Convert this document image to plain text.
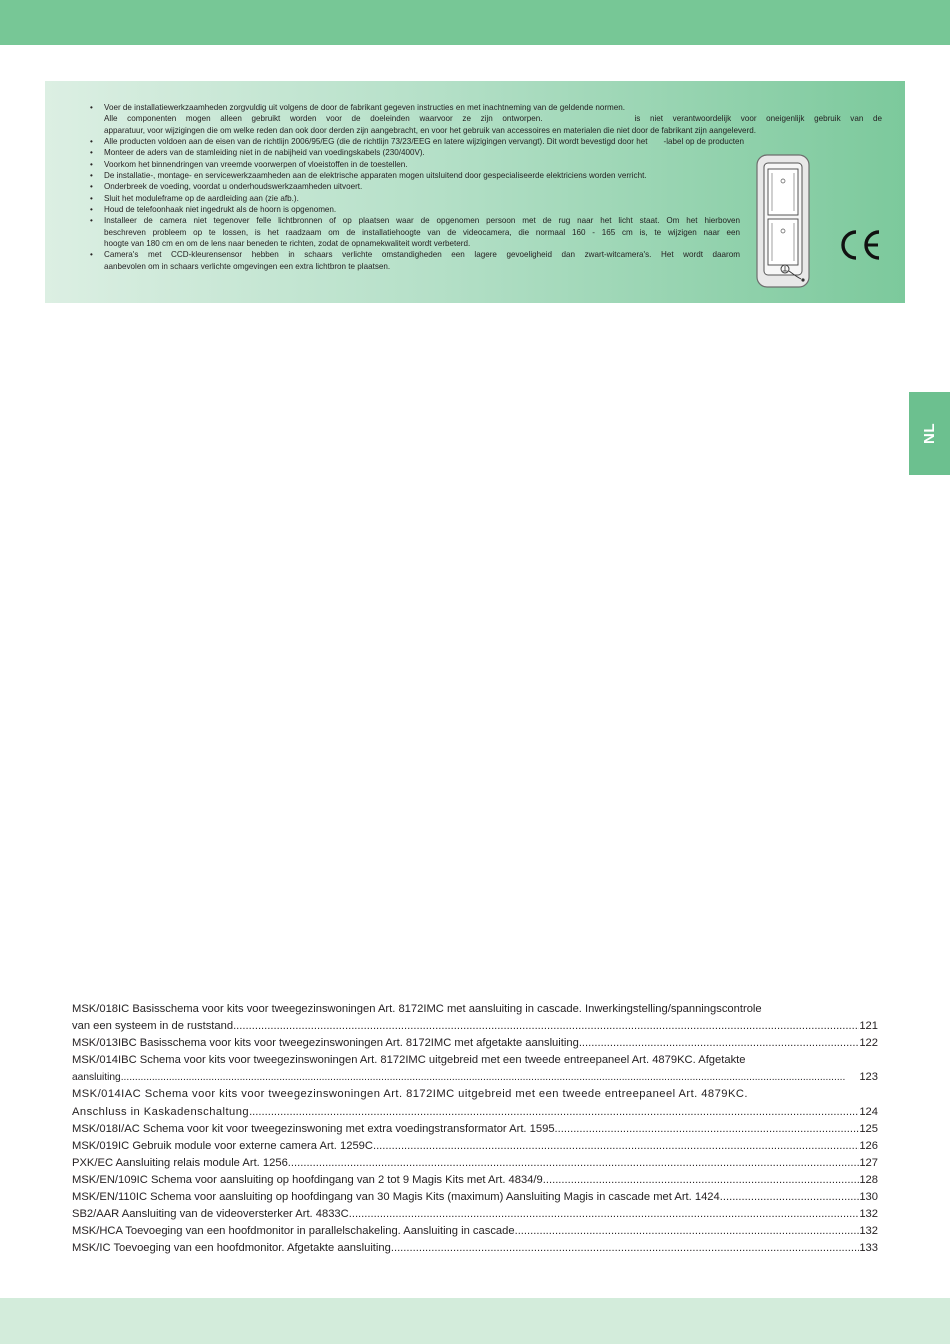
• Voer de installatiewerkzaamheden zorgvuldig uit volgens de door de fabrikant gegeven instructies en met inachtneming van de geldende normen.
Alle componenten mogen alleen gebruikt worden voor de doeleinden waarvoor ze zijn ontworpen.	is niet verantwoordelijk voor oneigenlijk gebruik van de
apparatuur, voor wijzigingen die om welke reden dan ook door derden zijn aangebracht, en voor het gebruik van accessoires en materialen die niet door de fabrikant zijn aangeleverd.
• Alle producten voldoen aan de eisen van de richtlijn 2006/95/EG (die de richtlijn 73/23/EEG en latere wijzigingen vervangt). Dit wordt bevestigd door het -label op de producten
• Monteer de aders van de stamleiding niet in de nabijheid van voedingskabels (230/400V).
• Voorkom het binnendringen van vreemde voorwerpen of vloeistoffen in de toestellen.
• De installatie-, montage- en servicewerkzaamheden aan de elektrische apparaten mogen uitsluitend door gespecialiseerde elektriciens worden verricht.
• Onderbreek de voeding, voordat u onderhoudswerkzaamheden uitvoert.
• Sluit het moduleframe op de aardleiding aan (zie afb.).
• Houd de telefoonhaak niet ingedrukt als de hoorn is opgenomen.
• Installeer de camera niet tegenover felle lichtbronnen of op plaatsen waar de opgenomen persoon met de rug naar het licht staat. Om het hierboven
beschreven probleem op te lossen, is het raadzaam om de installatiehoogte van de videocamera, die normaal 160 - 165 cm is, te wijzigen naar een
hoogte van 180 cm en om de lens naar beneden te richten, zodat de opnamekwaliteit wordt verbeterd.
• Camera's met CCD-kleurensensor hebben in schaars verlichte omstandigheden een lagere gevoeligheid dan zwart-witcamera's. Het wordt daarom
aanbevolen om in schaars verlichte omgevingen een extra lichtbron te plaatsen.
NL
MSK/018IC Basisschema voor kits voor tweegezinswoningen Art. 8172IMC met aansluiting in cascade. Inwerkingstelling/spanningscontrole
van een systeem in de ruststand .....	121
MSK/013IBC Basisschema voor kits voor tweegezinswoningen Art. 8172IMC met afgetakte aansluiting .....	122
MSK/014IBC Schema voor kits voor tweegezinswoningen Art. 8172IMC uitgebreid met een tweede entreepaneel Art. 4879KC. Afgetakte
aansluiting .....	123
MSK/014IAC Schema voor kits voor tweegezinswoningen Art. 8172IMC uitgebreid met een tweede entreepaneel Art. 4879KC.
Anschluss in Kaskadenschaltung .....	124
MSK/018I/AC Schema voor kit voor tweegezinswoning met extra voedingstransformator Art. 1595 .....	125
MSK/019IC Gebruik module voor externe camera Art. 1259C .....	126
PXK/EC Aansluiting relais module Art. 1256 .....	127
MSK/EN/109IC Schema voor aansluiting op hoofdingang van 2 tot 9 Magis Kits met Art. 4834/9 .....	128
MSK/EN/110IC Schema voor aansluiting op hoofdingang van 30 Magis Kits (maximum) Aansluiting Magis in cascade met Art. 1424 .....	130
SB2/AAR Aansluiting van de videoversterker Art. 4833C .....	132
MSK/HCA Toevoeging van een hoofdmonitor in parallelschakeling. Aansluiting in cascade .....	132
MSK/IC Toevoeging van een hoofdmonitor. Afgetakte aansluiting .....	133
